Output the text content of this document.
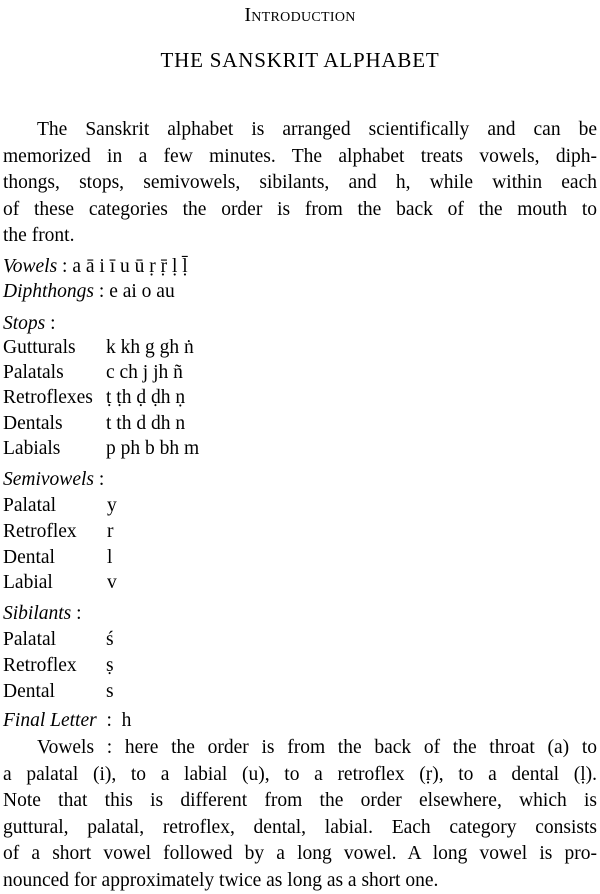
Introduction
THE SANSKRIT ALPHABET
The Sanskrit alphabet is arranged scientifically and can be
memorized in a few minutes. The alphabet treats vowels, diph-
thongs, stops, semivowels, sibilants, and h, while within each
of these categories the order is from the back of the mouth to
the front.
Vowels : a ā i ī u ū ṛ ṝ ḷ ḹ
Diphthongs : e ai o au
Stops :
Gutturals k kh g gh ṅ
Palatals c ch j jh ñ
Retroflexes ṭ ṭh ḍ ḍh ṇ
Dentals t th d dh n
Labials p ph b bh m
Semivowels :
Palatal	y
Retroflex r
Dental	l
Labial	v
Sibilants :
Palatal	ś
Retroflex ṣ
Dental	s
Final Letter  :  h
Vowels : here the order is from the back of the throat (a) to
a palatal (i), to a labial (u), to a retroflex (ṛ), to a dental (ḷ).
Note that this is different from the order elsewhere, which is
guttural, palatal, retroflex, dental, labial. Each category consists
of a short vowel followed by a long vowel. A long vowel is pro-
nounced for approximately twice as long as a short one.
